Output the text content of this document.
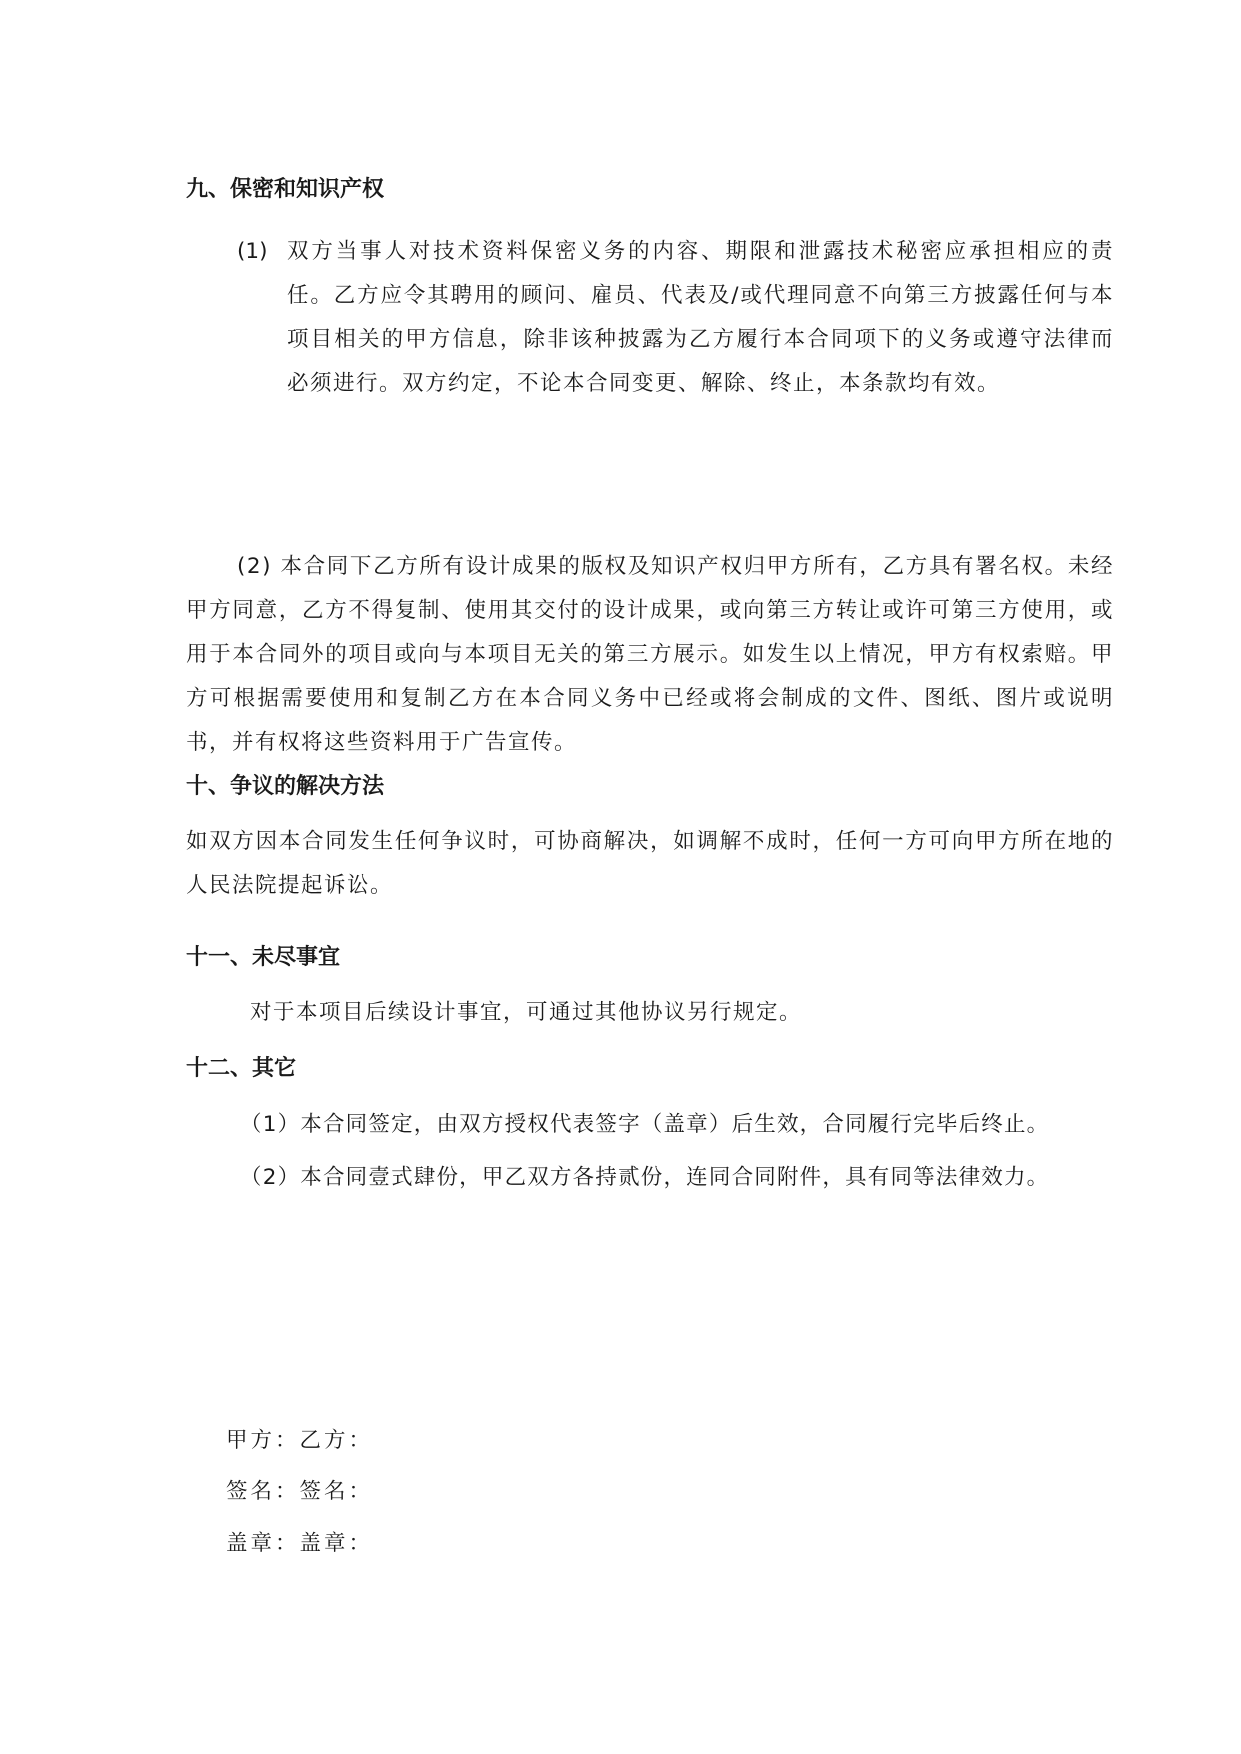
九、保密和知识产权
(1) 双方当事人对技术资料保密义务的内容、期限和泄露技术秘密应承担相应的责任。乙方应令其聘用的顾问、雇员、代表及/或代理同意不向第三方披露任何与本项目相关的甲方信息，除非该种披露为乙方履行本合同项下的义务或遵守法律而必须进行。双方约定，不论本合同变更、解除、终止，本条款均有效。

(2) 本合同下乙方所有设计成果的版权及知识产权归甲方所有，乙方具有署名权。未经甲方同意，乙方不得复制、使用其交付的设计成果，或向第三方转让或许可第三方使用，或用于本合同外的项目或向与本项目无关的第三方展示。如发生以上情况，甲方有权索赔。甲方可根据需要使用和复制乙方在本合同义务中已经或将会制成的文件、图纸、图片或说明书，并有权将这些资料用于广告宣传。

十、争议的解决方法

如双方因本合同发生任何争议时，可协商解决，如调解不成时，任何一方可向甲方所在地的人民法院提起诉讼。

十一、未尽事宜
对于本项目后续设计事宜，可通过其他协议另行规定。
十二、其它
（1）本合同签定，由双方授权代表签字（盖章）后生效，合同履行完毕后终止。
（2）本合同壹式肆份，甲乙双方各持贰份，连同合同附件，具有同等法律效力。
甲方：乙方：
签名：签名：
盖章：盖章：
